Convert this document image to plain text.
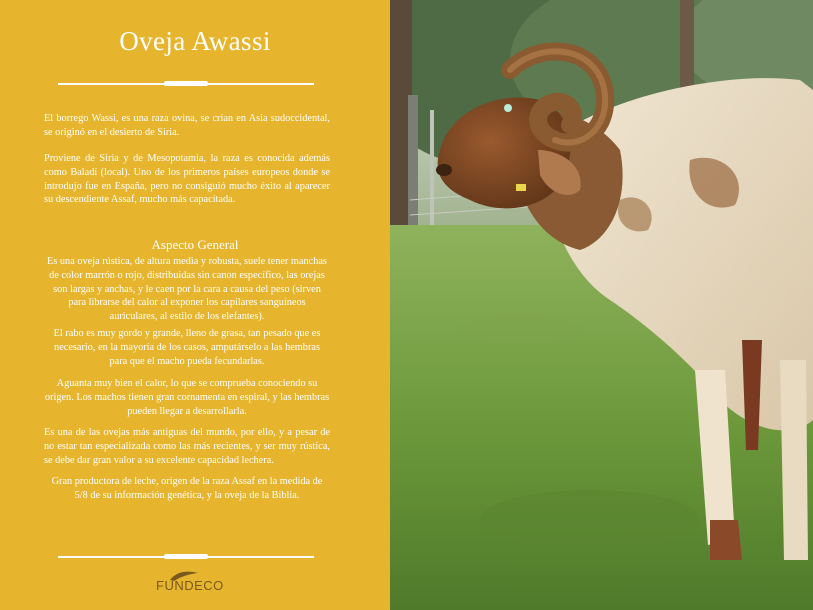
Oveja Awassi

El borrego Wassi, es una raza ovina, se crían en Asia sudoccidental, se originó en el desierto de Siria.

Proviene de Siria y de Mesopotamia, la raza es conocida además como Baladí (local). Uno de los primeros países europeos donde se introdujo fue en España, pero no consiguió mucho éxito al aparecer su descendiente Assaf, mucho más capacitada.

Aspecto General

Es una oveja rústica, de altura media y robusta, suele tener manchas de color marrón o rojo, distribuidas sin canon específico, las orejas son largas y anchas, y le caen por la cara a causa del peso (sirven para librarse del calor al exponer los capilares sanguíneos auriculares, al estilo de los elefantes).

El rabo es muy gordo y grande, lleno de grasa, tan pesado que es necesario, en la mayoría de los casos, amputárselo a las hembras para que el macho pueda fecundarlas.

Aguanta muy bien el calor, lo que se comprueba conociendo su origen. Los machos tienen gran cornamenta en espiral, y las hembras pueden llegar a desarrollarla.

Es una de las ovejas más antiguas del mundo, por ello, y a pesar de no estar tan especializada como las más recientes, y ser muy rústica, se debe dar gran valor a su excelente capacidad lechera.

Gran productora de leche, origen de la raza Assaf en la medida de 5/8 de su información genética, y la oveja de la Biblia.

FUNDECO
